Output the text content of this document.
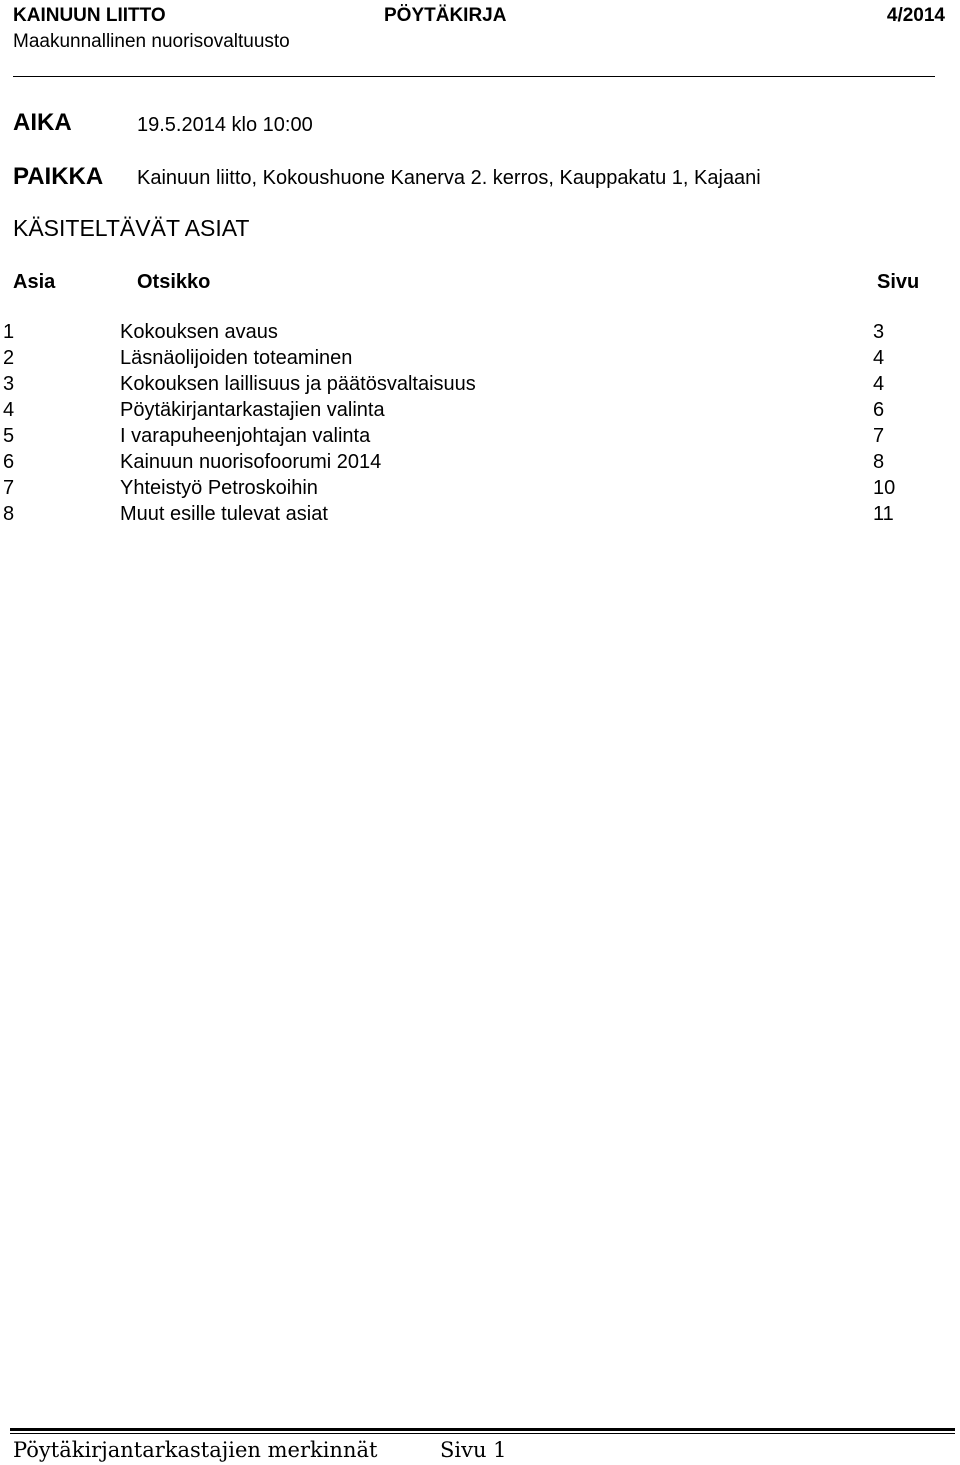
KAINUUN LIITTO	PÖYTÄKIRJA	4/2014
Maakunnallinen nuorisovaltuusto
AIKA	19.5.2014 klo 10:00
PAIKKA Kainuun liitto, Kokoushuone Kanerva 2. kerros, Kauppakatu 1, Kajaani
KÄSITELTÄVÄT ASIAT
Asia	Otsikko	Sivu
1	Kokouksen avaus	3
2	Läsnäolijoiden toteaminen	4
3	Kokouksen laillisuus ja päätösvaltaisuus	4
4	Pöytäkirjantarkastajien valinta	6
5	I varapuheenjohtajan valinta	7
6	Kainuun nuorisofoorumi 2014	8
7	Yhteistyö Petroskoihin	10
8	Muut esille tulevat asiat	11
Pöytäkirjantarkastajien merkinnät	Sivu 1
